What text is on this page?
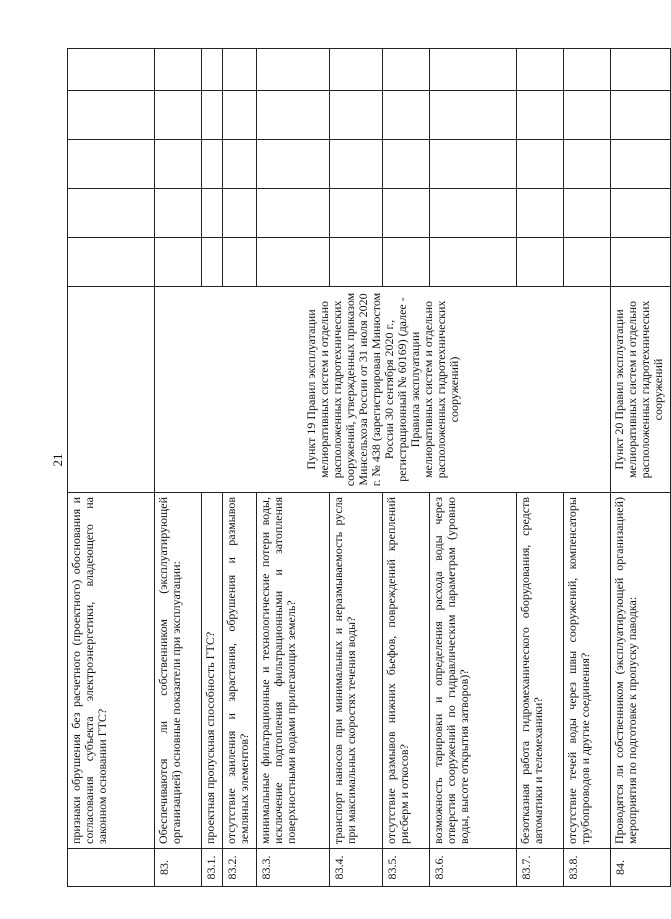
21
	признаки обрушения без расчетного (проектного) обоснования и согласования субъекта электроэнергетики, владеющего на законном основании ГТС?						
83.	Обеспечиваются ли собственником (эксплуатирующей организацией) основные показатели при эксплуатации:	Пункт 19 Правил эксплуатации мелиоративных систем и отдельно расположенных гидротехнических сооружений, утвержденных приказом Минсельхоза России от 31 июля 2020 г. № 438 (зарегистрирован Минюстом России 30 сентября 2020 г., регистрационный № 60169) (далее - Правила эксплуатации мелиоративных систем и отдельно расположенных гидротехнических сооружений)					
83.1.	проектная пропускная способность ГТС?						
83.2.	отсутствие заиления и зарастания, обрушения и размывов земляных элементов?						
83.3.	минимальные фильтрационные и технологические потери воды, исключение подтопления фильтрационными и затопления поверхностными водами прилегающих земель?						
83.4.	транспорт наносов при минимальных и неразмываемость русла при максимальных скоростях течения воды?						
83.5.	отсутствие размывов нижних бьефов, повреждений креплений рисберм и откосов?						
83.6.	возможность тарировки и определения расхода воды через отверстия сооружений по гидравлическим параметрам (уровню воды, высоте открытия затворов)?						
83.7.	безотказная работа гидромеханического оборудования, средств автоматики и телемеханики?						
83.8.	отсутствие течей воды через швы сооружений, компенсаторы трубопроводов и другие соединения?						
84.	Проводятся ли собственником (эксплуатирующей организацией) мероприятия по подготовке к пропуску паводка:	Пункт 20 Правил эксплуатации мелиоративных систем и отдельно расположенных гидротехнических сооружений					
